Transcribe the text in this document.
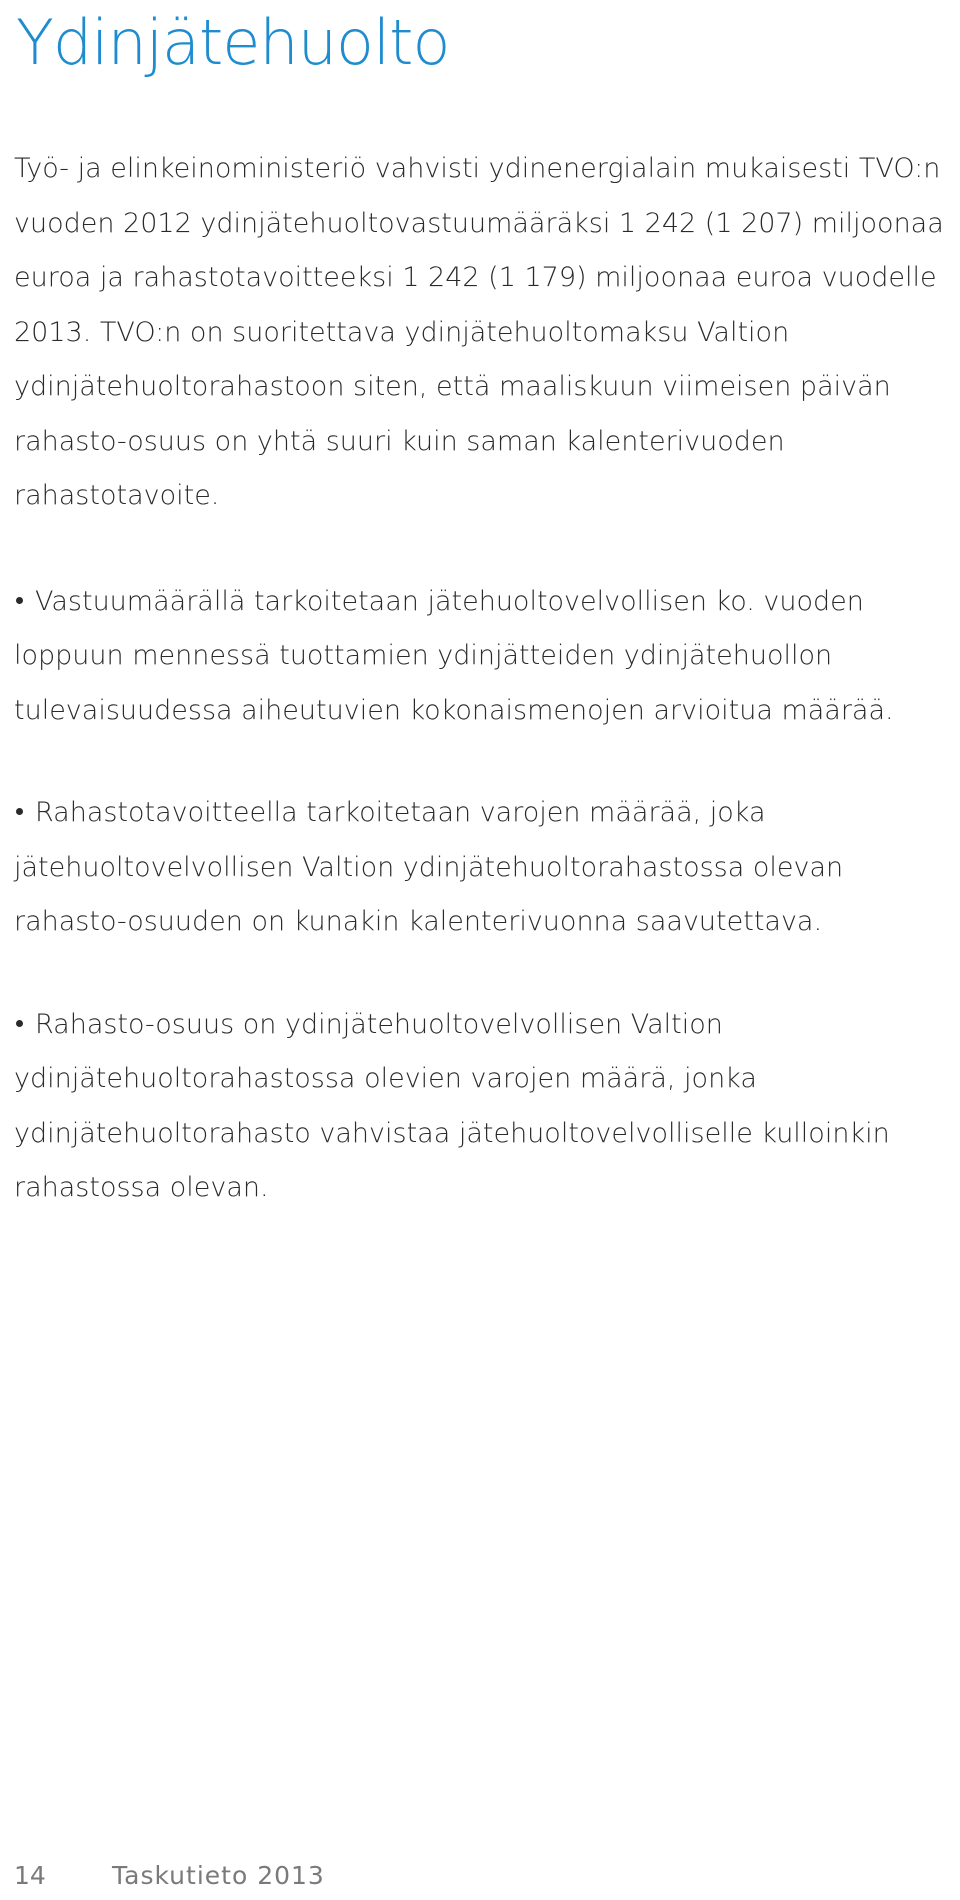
Ydinjätehuolto

Työ- ja elinkeinoministeriö vahvisti ydinenergialain mukaisesti TVO:n vuoden 2012 ydinjätehuoltovastuumääräksi 1 242 (1 207) miljoonaa euroa ja rahastotavoitteeksi 1 242 (1 179) miljoonaa euroa vuodelle 2013. TVO:n on suoritettava ydinjätehuoltomaksu Valtion ydinjätehuoltorahastoon siten, että maaliskuun viimeisen päivän rahasto-osuus on yhtä suuri kuin saman kalenterivuoden rahastotavoite.

Vastuumäärällä tarkoitetaan jätehuoltovelvollisen ko. vuoden loppuun mennessä tuottamien ydinjätteiden ydinjätehuollon tulevaisuudessa aiheutuvien kokonaismenojen arvioitua määrää.
Rahastotavoitteella tarkoitetaan varojen määrää, joka jätehuoltovelvollisen Valtion ydinjätehuoltorahastossa olevan rahasto-osuuden on kunakin kalenterivuonna saavutettava.
Rahasto-osuus on ydinjätehuoltovelvollisen Valtion ydinjätehuoltorahastossa olevien varojen määrä, jonka ydinjätehuoltorahasto vahvistaa jätehuoltovelvolliselle kulloinkin rahastossa olevan.
14	Taskutieto 2013
